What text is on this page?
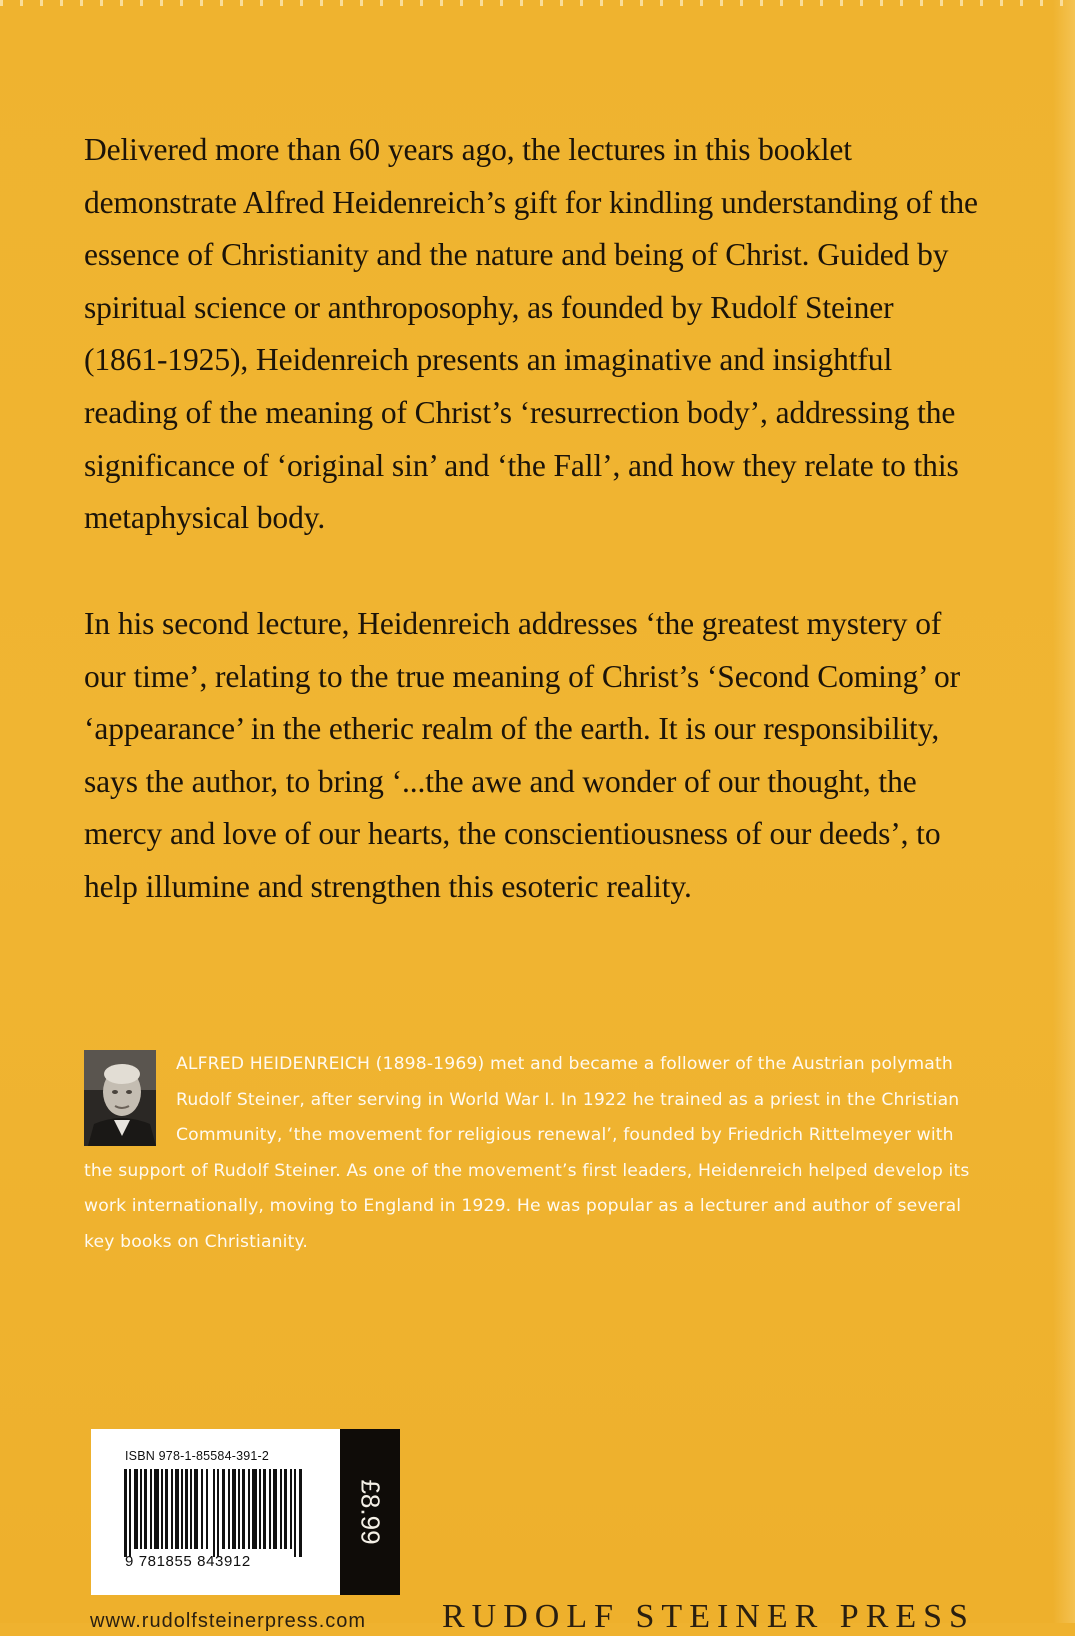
Delivered more than 60 years ago, the lectures in this booklet demonstrate Alfred Heidenreich’s gift for kindling understanding of the essence of Christianity and the nature and being of Christ. Guided by spiritual science or anthroposophy, as founded by Rudolf Steiner (1861-1925), Heidenreich presents an imaginative and insightful reading of the meaning of Christ’s ‘resurrection body’, addressing the significance of ‘original sin’ and ‘the Fall’, and how they relate to this metaphysical body.

In his second lecture, Heidenreich addresses ‘the greatest mystery of our time’, relating to the true meaning of Christ’s ‘Second Coming’ or ‘appearance’ in the etheric realm of the earth. It is our responsibility, says the author, to bring ‘...the awe and wonder of our thought, the mercy and love of our hearts, the conscientiousness of our deeds’, to help illumine and strengthen this esoteric reality.

ALFRED HEIDENREICH (1898-1969) met and became a follower of the Austrian polymath Rudolf Steiner, after serving in World War I. In 1922 he trained as a priest in the Christian Community, ‘the movement for religious renewal’, founded by Friedrich Rittelmeyer with the support of Rudolf Steiner. As one of the movement’s first leaders, Heidenreich helped develop its work internationally, moving to England in 1929. He was popular as a lecturer and author of several key books on Christianity.
ISBN 978-1-85584-391-2
9 781855 843912
£8.99
www.rudolfsteinerpress.com RUDOLF STEINER PRESS
